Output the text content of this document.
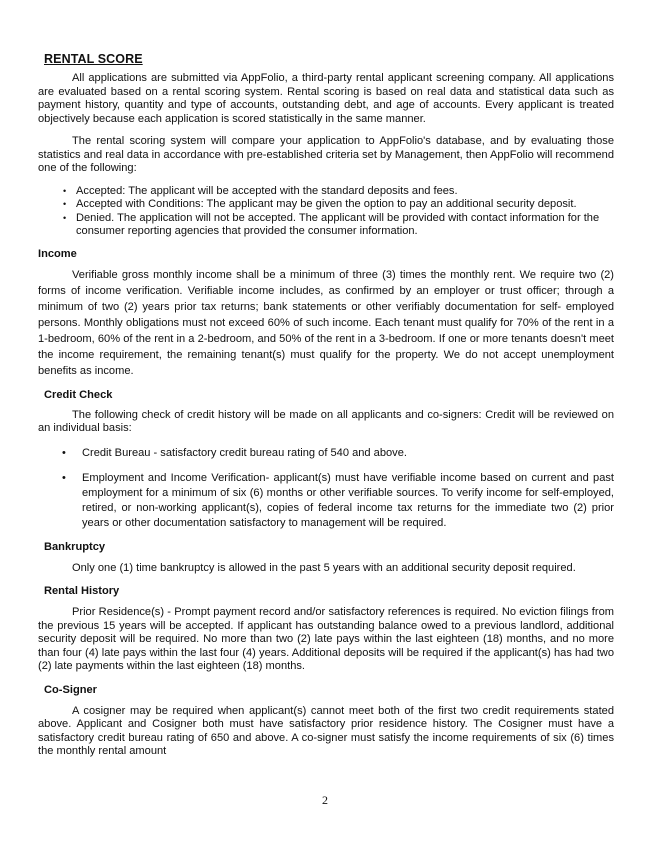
RENTAL SCORE

All applications are submitted via AppFolio, a third-party rental applicant screening company. All applications are evaluated based on a rental scoring system. Rental scoring is based on real data and statistical data such as payment history, quantity and type of accounts, outstanding debt, and age of accounts. Every applicant is treated objectively because each application is scored statistically in the same manner.

The rental scoring system will compare your application to AppFolio's database, and by evaluating those statistics and real data in accordance with pre-established criteria set by Management, then AppFolio will recommend one of the following:

• Accepted: The applicant will be accepted with the standard deposits and fees.
• Accepted with Conditions: The applicant may be given the option to pay an additional security deposit.
• Denied. The application will not be accepted. The applicant will be provided with contact information for the consumer reporting agencies that provided the consumer information.
Income

Verifiable gross monthly income shall be a minimum of three (3) times the monthly rent. We require two (2) forms of income verification. Verifiable income includes, as confirmed by an employer or trust officer; through a minimum of two (2) years prior tax returns; bank statements or other verifiably documentation for self- employed persons. Monthly obligations must not exceed 60% of such income. Each tenant must qualify for 70% of the rent in a 1-bedroom, 60% of the rent in a 2-bedroom, and 50% of the rent in a 3-bedroom. If one or more tenants doesn't meet the income requirement, the remaining tenant(s) must qualify for the property. We do not accept unemployment benefits as income.

Credit Check

The following check of credit history will be made on all applicants and co-signers: Credit will be reviewed on an individual basis:

• Credit Bureau - satisfactory credit bureau rating of 540 and above.
• Employment and Income Verification- applicant(s) must have verifiable income based on current and past employment for a minimum of six (6) months or other verifiable sources. To verify income for self-employed, retired, or non-working applicant(s), copies of federal income tax returns for the immediate two (2) prior years or other documentation satisfactory to management will be required.
Bankruptcy

Only one (1) time bankruptcy is allowed in the past 5 years with an additional security deposit required.

Rental History

Prior Residence(s) - Prompt payment record and/or satisfactory references is required. No eviction filings from the previous 15 years will be accepted. If applicant has outstanding balance owed to a previous landlord, additional security deposit will be required. No more than two (2) late pays within the last eighteen (18) months, and no more than four (4) late pays within the last four (4) years. Additional deposits will be required if the applicant(s) has had two (2) late payments within the last eighteen (18) months.

Co-Signer

A cosigner may be required when applicant(s) cannot meet both of the first two credit requirements stated above. Applicant and Cosigner both must have satisfactory prior residence history. The Cosigner must have a satisfactory credit bureau rating of 650 and above. A co-signer must satisfy the income requirements of six (6) times the monthly rental amount

2
